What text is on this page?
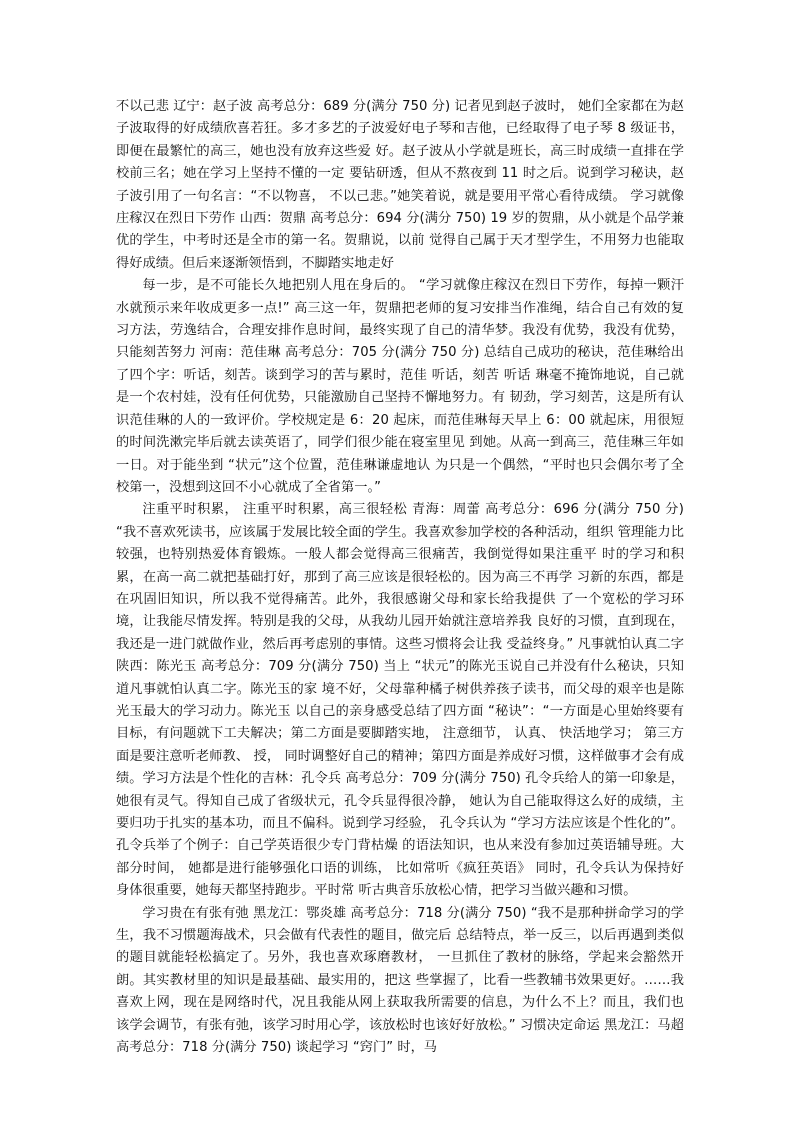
不以己悲 辽宁：赵子波 高考总分：689 分(满分 750 分) 记者见到赵子波时， 她们全家都在为赵子波取得的好成绩欣喜若狂。多才多艺的子波爱好电子琴和吉他，已经取得了电子琴 8 级证书，即便在最繁忙的高三，她也没有放弃这些爱 好。赵子波从小学就是班长，高三时成绩一直排在学校前三名；她在学习上坚持不懂的一定 要钻研透，但从不熬夜到 11 时之后。说到学习秘诀，赵子波引用了一句名言：“不以物喜， 不以己悲。”她笑着说，就是要用平常心看待成绩。 学习就像庄稼汉在烈日下劳作 山西：贺鼎 高考总分：694 分(满分 750) 19 岁的贺鼎，从小就是个品学兼优的学生，中考时还是全市的第一名。贺鼎说，以前 觉得自己属于天才型学生，不用努力也能取得好成绩。但后来逐渐领悟到，不脚踏实地走好

每一步，是不可能长久地把别人甩在身后的。 “学习就像庄稼汉在烈日下劳作，每掉一颗汗 水就预示来年收成更多一点!” 高三这一年，贺鼎把老师的复习安排当作准绳，结合自己有效的复习方法，劳逸结合，合理安排作息时间，最终实现了自己的清华梦。我没有优势，我没有优势，只能刻苦努力 河南：范佳琳 高考总分：705 分(满分 750 分) 总结自己成功的秘诀，范佳琳给出了四个字：听话，刻苦。谈到学习的苦与累时，范佳 听话，刻苦 听话 琳毫不掩饰地说，自己就是一个农村娃，没有任何优势，只能激励自己坚持不懈地努力。有 韧劲，学习刻苦，这是所有认识范佳琳的人的一致评价。学校规定是 6：20 起床，而范佳琳每天早上 6：00 就起床，用很短的时间洗漱完毕后就去读英语了，同学们很少能在寝室里见 到她。从高一到高三，范佳琳三年如一日。对于能坐到 “状元”这个位置，范佳琳谦虚地认 为只是一个偶然，“平时也只会偶尔考了全校第一，没想到这回不小心就成了全省第一。”

注重平时积累， 注重平时积累，高三很轻松 青海：周蕾 高考总分：696 分(满分 750 分) “我不喜欢死读书，应该属于发展比较全面的学生。我喜欢参加学校的各种活动，组织 管理能力比较强，也特别热爱体育锻炼。一般人都会觉得高三很痛苦，我倒觉得如果注重平 时的学习和积累，在高一高二就把基础打好，那到了高三应该是很轻松的。因为高三不再学 习新的东西，都是在巩固旧知识，所以我不觉得痛苦。此外，我很感谢父母和家长给我提供 了一个宽松的学习环境，让我能尽情发挥。特别是我的父母，从我幼儿园开始就注意培养我 良好的习惯，直到现在，我还是一进门就做作业，然后再考虑别的事情。这些习惯将会让我 受益终身。” 凡事就怕认真二字 陕西：陈光玉 高考总分：709 分(满分 750) 当上 “状元”的陈光玉说自己并没有什么秘诀，只知道凡事就怕认真二字。陈光玉的家 境不好，父母靠种橘子树供养孩子读书，而父母的艰辛也是陈光玉最大的学习动力。陈光玉 以自己的亲身感受总结了四方面 “秘诀”：“一方面是心里始终要有目标，有问题就下工夫解决；第二方面是要脚踏实地， 注意细节， 认真、 快活地学习； 第三方面是要注意听老师教、 授， 同时调整好自己的精神；第四方面是养成好习惯，这样做事才会有成绩。学习方法是个性化的吉林：孔令兵 高考总分：709 分(满分 750) 孔令兵给人的第一印象是，她很有灵气。得知自己成了省级状元，孔令兵显得很冷静， 她认为自己能取得这么好的成绩，主要归功于扎实的基本功，而且不偏科。说到学习经验， 孔令兵认为 “学习方法应该是个性化的”。孔令兵举了个例子：自己学英语很少专门背枯燥 的语法知识，也从来没有参加过英语辅导班。大部分时间， 她都是进行能够强化口语的训练， 比如常听《疯狂英语》 同时，孔令兵认为保持好身体很重要，她每天都坚持跑步。平时常 听古典音乐放松心情，把学习当做兴趣和习惯。

学习贵在有张有弛 黑龙江：鄂炎雄 高考总分：718 分(满分 750) “我不是那种拼命学习的学生，我不习惯题海战术，只会做有代表性的题目，做完后 总结特点，举一反三，以后再遇到类似的题目就能轻松搞定了。另外，我也喜欢琢磨教材， 一旦抓住了教材的脉络，学起来会豁然开朗。其实教材里的知识是最基础、最实用的，把这 些掌握了，比看一些教辅书效果更好。……我喜欢上网，现在是网络时代，况且我能从网上获取我所需要的信息，为什么不上？而且，我们也该学会调节，有张有弛，该学习时用心学，该放松时也该好好放松。” 习惯决定命运 黑龙江：马超 高考总分：718 分(满分 750) 谈起学习 “窍门” 时，马
